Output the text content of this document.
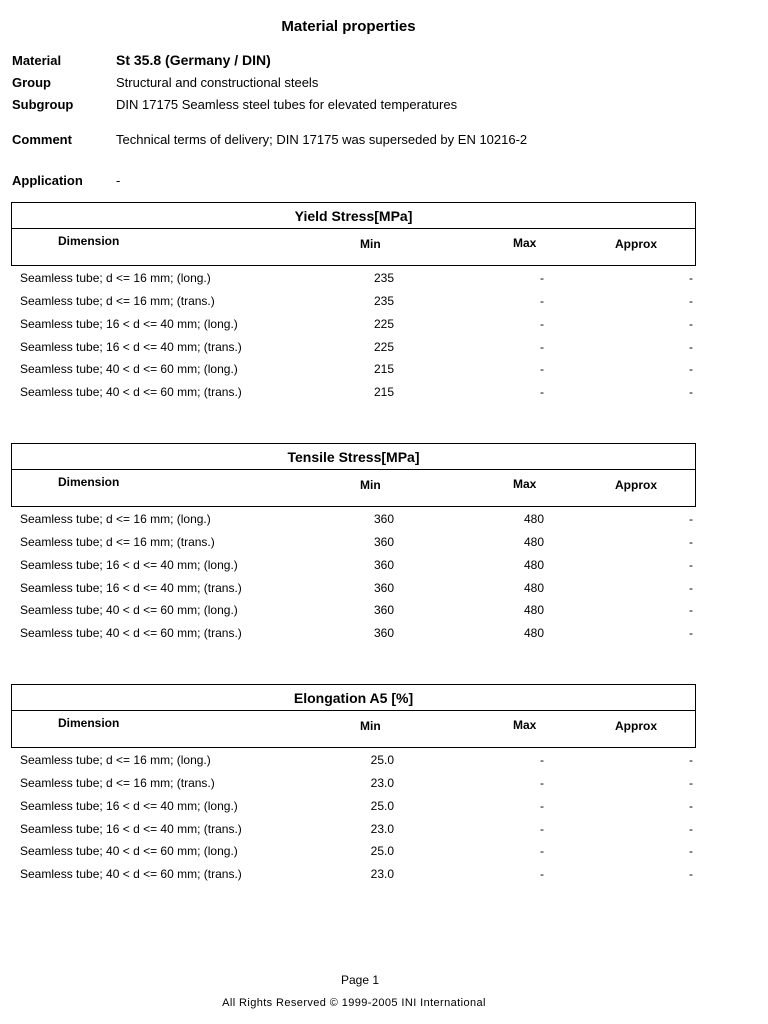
Material properties
Material	St 35.8 (Germany / DIN)
Group	Structural and constructional steels
Subgroup	DIN 17175 Seamless steel tubes for elevated temperatures
Comment	Technical terms of delivery; DIN 17175 was superseded by EN 10216-2
Application	-
Yield Stress[MPa]
Dimension	Min	Max	Approx
Seamless tube; d <= 16 mm; (long.)	235	-	-
Seamless tube; d <= 16 mm; (trans.)	235	-	-
Seamless tube; 16 < d <= 40 mm; (long.)	225	-	-
Seamless tube; 16 < d <= 40 mm; (trans.)	225	-	-
Seamless tube; 40 < d <= 60 mm; (long.)	215	-	-
Seamless tube; 40 < d <= 60 mm; (trans.)	215	-	-
Tensile Stress[MPa]
Dimension	Min	Max	Approx
Seamless tube; d <= 16 mm; (long.)	360	480	-
Seamless tube; d <= 16 mm; (trans.)	360	480	-
Seamless tube; 16 < d <= 40 mm; (long.)	360	480	-
Seamless tube; 16 < d <= 40 mm; (trans.)	360	480	-
Seamless tube; 40 < d <= 60 mm; (long.)	360	480	-
Seamless tube; 40 < d <= 60 mm; (trans.)	360	480	-
Elongation A5 [%]
Dimension	Min	Max	Approx
Seamless tube; d <= 16 mm; (long.)	25.0	-	-
Seamless tube; d <= 16 mm; (trans.)	23.0	-	-
Seamless tube; 16 < d <= 40 mm; (long.)	25.0	-	-
Seamless tube; 16 < d <= 40 mm; (trans.)	23.0	-	-
Seamless tube; 40 < d <= 60 mm; (long.)	25.0	-	-
Seamless tube; 40 < d <= 60 mm; (trans.)	23.0	-	-
Page 1
All Rights Reserved © 1999-2005 INI International
